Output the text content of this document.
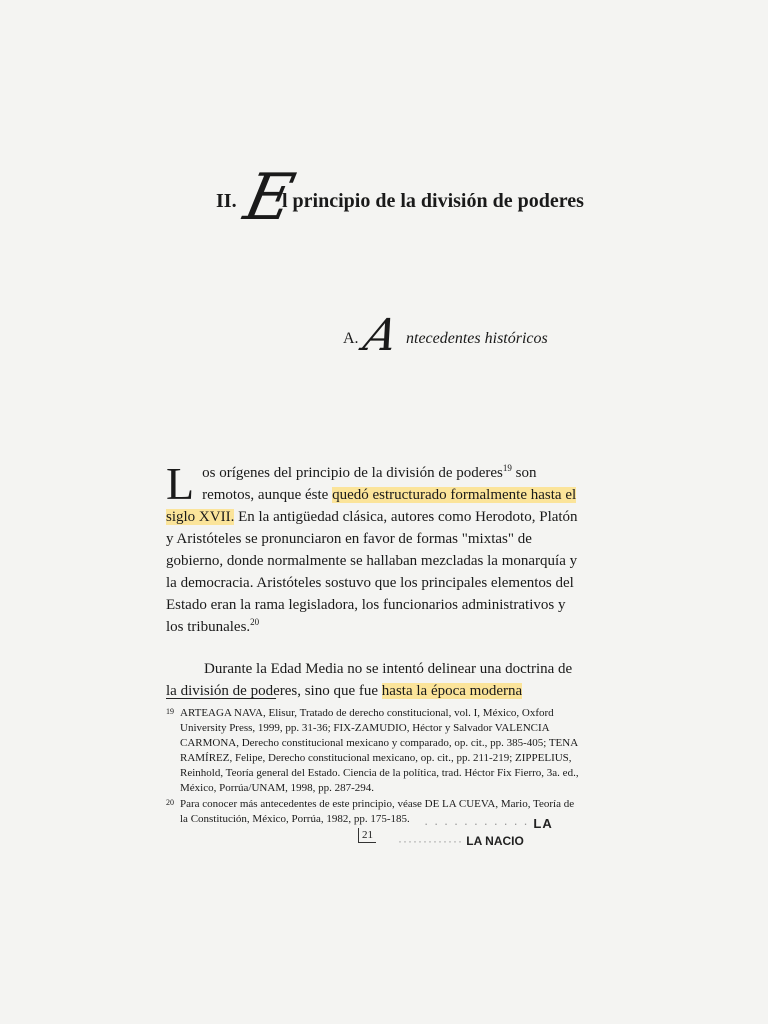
II. E
l principio de la división de poderes
A. A ntecedentes históricos

Los orígenes del principio de la división de poderes$^{19}$ son remotos, aunque éste quedó estructurado formalmente hasta el siglo XVII. En la antigüedad clásica, autores como Herodoto, Platón y Aristóteles se pronunciaron en favor de formas "mixtas" de gobierno, donde normalmente se hallaban mezcladas la monarquía y la democracia. Aristóteles sostuvo que los principales elementos del Estado eran la rama legisladora, los funcionarios administrativos y los tribunales.$^{20}$

Durante la Edad Media no se intentó delinear una doctrina de la división de poderes, sino que fue hasta la época moderna

19 ARTEAGA NAVA, Elisur, Tratado de derecho constitucional, vol. I, México, Oxford University Press, 1999, pp. 31-36; FIX-ZAMUDIO, Héctor y Salvador VALENCIA CARMONA, Derecho constitucional mexicano y comparado, op. cit., pp. 385-405; TENA RAMÍREZ, Felipe, Derecho constitucional mexicano, op. cit., pp. 211-219; ZIPPELIUS, Reinhold, Teoría general del Estado. Ciencia de la política, trad. Héctor Fix Fierro, 3a. ed., México, Porrúa/UNAM, 1998, pp. 287-294.

20 Para conocer más antecedentes de este principio, véase DE LA CUEVA, Mario, Teoría de la Constitución, México, Porrúa, 1982, pp. 175-185.

21
· · · · · · · · · · · LA
············· LA NACIO
